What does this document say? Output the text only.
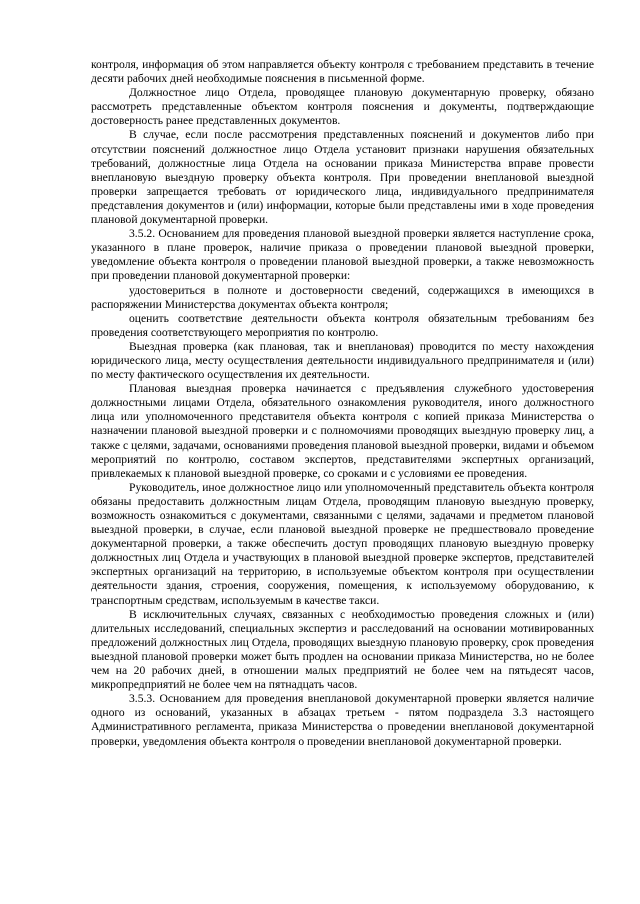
контроля, информация об этом направляется объекту контроля с требованием представить в течение десяти рабочих дней необходимые пояснения в письменной форме.

Должностное лицо Отдела, проводящее плановую документарную проверку, обязано рассмотреть представленные объектом контроля пояснения и документы, подтверждающие достоверность ранее представленных документов.

В случае, если после рассмотрения представленных пояснений и документов либо при отсутствии пояснений должностное лицо Отдела установит признаки нарушения обязательных требований, должностные лица Отдела на основании приказа Министерства вправе провести внеплановую выездную проверку объекта контроля. При проведении внеплановой выездной проверки запрещается требовать от юридического лица, индивидуального предпринимателя представления документов и (или) информации, которые были представлены ими в ходе проведения плановой документарной проверки.

3.5.2. Основанием для проведения плановой выездной проверки является наступление срока, указанного в плане проверок, наличие приказа о проведении плановой выездной проверки, уведомление объекта контроля о проведении плановой выездной проверки, а также невозможность при проведении плановой документарной проверки:

удостовериться в полноте и достоверности сведений, содержащихся в имеющихся в распоряжении Министерства документах объекта контроля;

оценить соответствие деятельности объекта контроля обязательным требованиям без проведения соответствующего мероприятия по контролю.

Выездная проверка (как плановая, так и внеплановая) проводится по месту нахождения юридического лица, месту осуществления деятельности индивидуального предпринимателя и (или) по месту фактического осуществления их деятельности.

Плановая выездная проверка начинается с предъявления служебного удостоверения должностными лицами Отдела, обязательного ознакомления руководителя, иного должностного лица или уполномоченного представителя объекта контроля с копией приказа Министерства о назначении плановой выездной проверки и с полномочиями проводящих выездную проверку лиц, а также с целями, задачами, основаниями проведения плановой выездной проверки, видами и объемом мероприятий по контролю, составом экспертов, представителями экспертных организаций, привлекаемых к плановой выездной проверке, со сроками и с условиями ее проведения.

Руководитель, иное должностное лицо или уполномоченный представитель объекта контроля обязаны предоставить должностным лицам Отдела, проводящим плановую выездную проверку, возможность ознакомиться с документами, связанными с целями, задачами и предметом плановой выездной проверки, в случае, если плановой выездной проверке не предшествовало проведение документарной проверки, а также обеспечить доступ проводящих плановую выездную проверку должностных лиц Отдела и участвующих в плановой выездной проверке экспертов, представителей экспертных организаций на территорию, в используемые объектом контроля при осуществлении деятельности здания, строения, сооружения, помещения, к используемому оборудованию, к транспортным средствам, используемым в качестве такси.

В исключительных случаях, связанных с необходимостью проведения сложных и (или) длительных исследований, специальных экспертиз и расследований на основании мотивированных предложений должностных лиц Отдела, проводящих выездную плановую проверку, срок проведения выездной плановой проверки может быть продлен на основании приказа Министерства, но не более чем на 20 рабочих дней, в отношении малых предприятий не более чем на пятьдесят часов, микропредприятий не более чем на пятнадцать часов.

3.5.3. Основанием для проведения внеплановой документарной проверки является наличие одного из оснований, указанных в абзацах третьем - пятом подраздела 3.3 настоящего Административного регламента, приказа Министерства о проведении внеплановой документарной проверки, уведомления объекта контроля о проведении внеплановой документарной проверки.
